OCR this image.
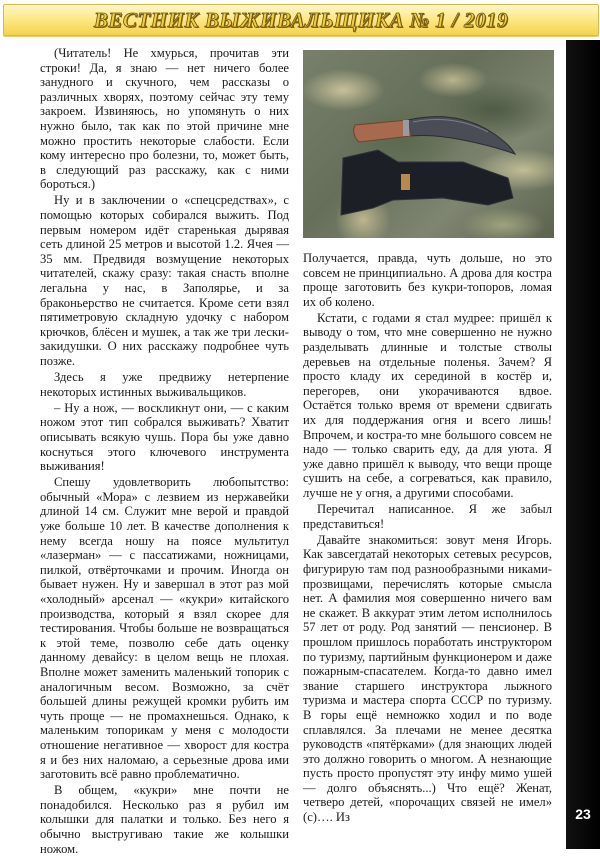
ВЕСТНИК ВЫЖИВАЛЬЩИКА № 1 / 2019
23

(Читатель! Не хмурься, прочитав эти строки! Да, я знаю — нет ничего более занудного и скучного, чем рассказы о различных хворях, поэтому сейчас эту тему закроем. Извиняюсь, но упомянуть о них нужно было, так как по этой причине мне можно простить некоторые слабости. Если кому интересно про болезни, то, может быть, в следующий раз расскажу, как с ними бороться.)

Ну и в заключении о «спецсредствах», с помощью которых собирался выжить. Под первым номером идёт старенькая дырявая сеть длиной 25 метров и высотой 1.2. Ячея — 35 мм. Предвидя возмущение некоторых читателей, скажу сразу: такая снасть вполне легальна у нас, в Заполярье, и за браконьерство не считается. Кроме сети взял пятиметровую складную удочку с набором крючков, блёсен и мушек, а так же три лески-закидушки. О них расскажу подробнее чуть позже.

Здесь я уже предвижу нетерпение некоторых истинных выживальщиков.

– Ну а нож, — воскликнут они, — с каким ножом этот тип собрался выживать? Хватит описывать всякую чушь. Пора бы уже давно коснуться этого ключевого инструмента выживания!

Спешу удовлетворить любопытство: обычный «Мора» с лезвием из нержавейки длиной 14 см. Служит мне верой и правдой уже больше 10 лет. В качестве дополнения к нему всегда ношу на поясе мультитул «лазерман» — с пассатижами, ножницами, пилкой, отвёрточками и прочим. Иногда он бывает нужен. Ну и завершал в этот раз мой «холодный» арсенал — «кукри» китайского производства, который я взял скорее для тестирования. Чтобы больше не возвращаться к этой теме, позволю себе дать оценку данному девайсу: в целом вещь не плохая. Вполне может заменить маленький топорик с аналогичным весом. Возможно, за счёт большей длины режущей кромки рубить им чуть проще — не промахнешься. Однако, к маленьким топорикам у меня с молодости отношение негативное — хворост для костра я и без них наломаю, а серьезные дрова ими заготовить всё равно проблематично.

В общем, «кукри» мне почти не понадобился. Несколько раз я рубил им колышки для палатки и только. Без него я обычно выстругиваю такие же колышки ножом.

Получается, правда, чуть дольше, но это совсем не принципиально. А дрова для костра проще заготовить без кукри-топоров, ломая их об колено.

Кстати, с годами я стал мудрее: пришёл к выводу о том, что мне совершенно не нужно разделывать длинные и толстые стволы деревьев на отдельные поленья. Зачем? Я просто кладу их серединой в костёр и, перегорев, они укорачиваются вдвое. Остаётся только время от времени сдвигать их для поддержания огня и всего лишь! Впрочем, и костра-то мне большого совсем не надо — только сварить еду, да для уюта. Я уже давно пришёл к выводу, что вещи проще сушить на себе, а согреваться, как правило, лучше не у огня, а другими способами.

Перечитал написанное. Я же забыл представиться!

Давайте знакомиться: зовут меня Игорь. Как завсегдатай некоторых сетевых ресурсов, фигурирую там под разнообразными никами-прозвищами, перечислять которые смысла нет. А фамилия моя совершенно ничего вам не скажет. В аккурат этим летом исполнилось 57 лет от роду. Род занятий — пенсионер. В прошлом пришлось поработать инструктором по туризму, партийным функционером и даже пожарным-спасателем. Когда-то давно имел звание старшего инструктора лыжного туризма и мастера спорта СССР по туризму. В горы ещё немножко ходил и по воде сплавлялся. За плечами не менее десятка руководств «пятёрками» (для знающих людей это должно говорить о многом. А незнающие пусть просто пропустят эту инфу мимо ушей — долго объяснять...) Что ещё? Женат, четверо детей, «порочащих связей не имел» (с)…. Из
